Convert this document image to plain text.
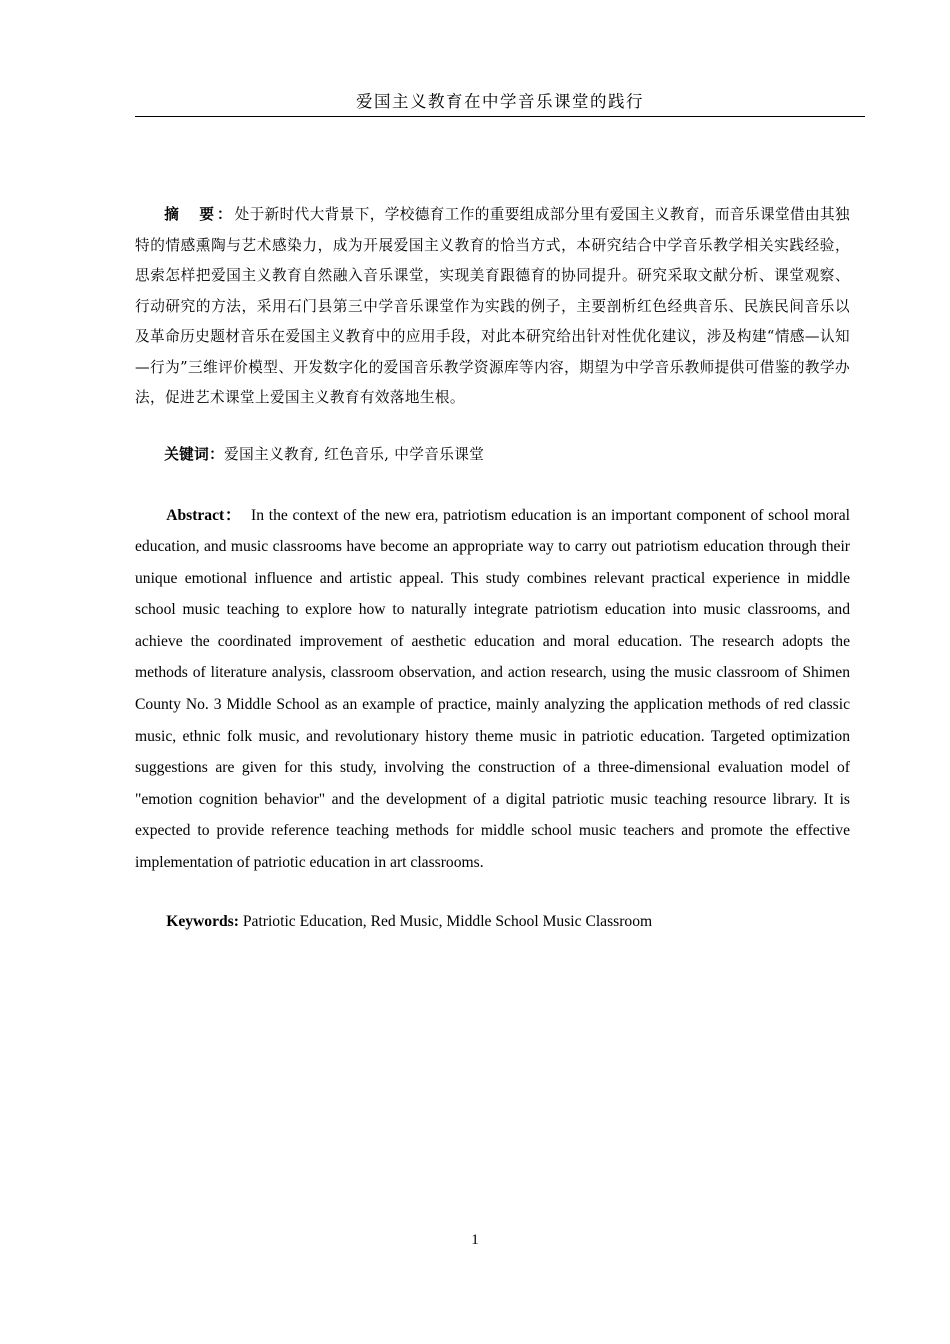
爱国主义教育在中学音乐课堂的践行

摘　要：处于新时代大背景下，学校德育工作的重要组成部分里有爱国主义教育，而音乐课堂借由其独特的情感熏陶与艺术感染力，成为开展爱国主义教育的恰当方式，本研究结合中学音乐教学相关实践经验，思索怎样把爱国主义教育自然融入音乐课堂，实现美育跟德育的协同提升。研究采取文献分析、课堂观察、行动研究的方法，采用石门县第三中学音乐课堂作为实践的例子，主要剖析红色经典音乐、民族民间音乐以及革命历史题材音乐在爱国主义教育中的应用手段，对此本研究给出针对性优化建议，涉及构建“情感—认知—行为”三维评价模型、开发数字化的爱国音乐教学资源库等内容，期望为中学音乐教师提供可借鉴的教学办法，促进艺术课堂上爱国主义教育有效落地生根。

关键词：爱国主义教育, 红色音乐, 中学音乐课堂

Abstract： In the context of the new era, patriotism education is an important component of school moral education, and music classrooms have become an appropriate way to carry out patriotism education through their unique emotional influence and artistic appeal. This study combines relevant practical experience in middle school music teaching to explore how to naturally integrate patriotism education into music classrooms, and achieve the coordinated improvement of aesthetic education and moral education. The research adopts the methods of literature analysis, classroom observation, and action research, using the music classroom of Shimen County No. 3 Middle School as an example of practice, mainly analyzing the application methods of red classic music, ethnic folk music, and revolutionary history theme music in patriotic education. Targeted optimization suggestions are given for this study, involving the construction of a three-dimensional evaluation model of "emotion cognition behavior" and the development of a digital patriotic music teaching resource library. It is expected to provide reference teaching methods for middle school music teachers and promote the effective implementation of patriotic education in art classrooms.

Keywords: Patriotic Education, Red Music, Middle School Music Classroom

1
